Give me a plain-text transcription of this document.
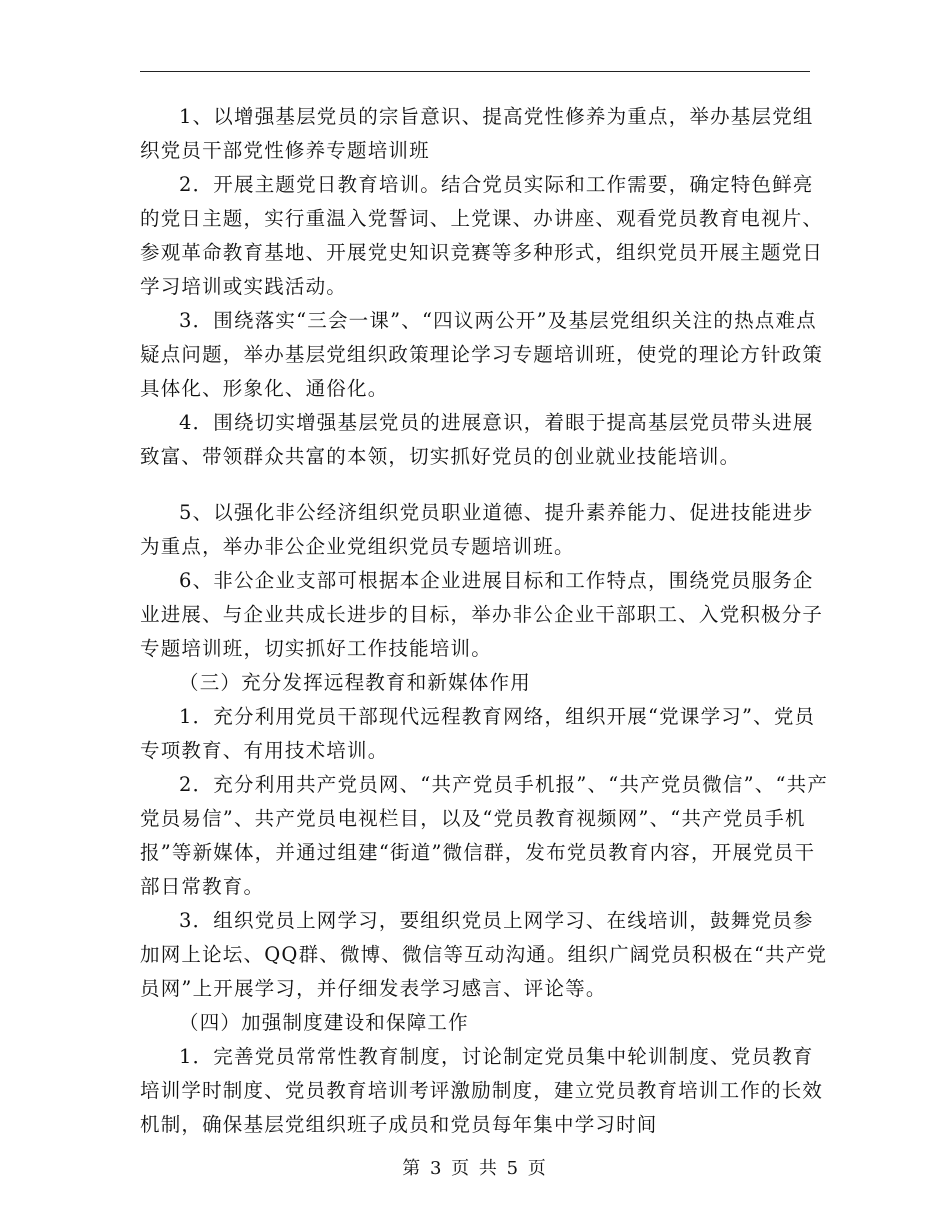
1、以增强基层党员的宗旨意识、提高党性修养为重点，举办基层党组织党员干部党性修养专题培训班

2．开展主题党日教育培训。结合党员实际和工作需要，确定特色鲜亮的党日主题，实行重温入党誓词、上党课、办讲座、观看党员教育电视片、参观革命教育基地、开展党史知识竞赛等多种形式，组织党员开展主题党日学习培训或实践活动。

3．围绕落实“三会一课”、“四议两公开”及基层党组织关注的热点难点疑点问题，举办基层党组织政策理论学习专题培训班，使党的理论方针政策具体化、形象化、通俗化。

4．围绕切实增强基层党员的进展意识，着眼于提高基层党员带头进展致富、带领群众共富的本领，切实抓好党员的创业就业技能培训。

5、以强化非公经济组织党员职业道德、提升素养能力、促进技能进步为重点，举办非公企业党组织党员专题培训班。

6、非公企业支部可根据本企业进展目标和工作特点，围绕党员服务企业进展、与企业共成长进步的目标，举办非公企业干部职工、入党积极分子专题培训班，切实抓好工作技能培训。

（三）充分发挥远程教育和新媒体作用

1．充分利用党员干部现代远程教育网络，组织开展“党课学习”、党员专项教育、有用技术培训。

2．充分利用共产党员网、“共产党员手机报”、“共产党员微信”、“共产党员易信”、共产党员电视栏目，以及“党员教育视频网”、“共产党员手机报”等新媒体，并通过组建“街道”微信群，发布党员教育内容，开展党员干部日常教育。

3．组织党员上网学习，要组织党员上网学习、在线培训，鼓舞党员参加网上论坛、QQ群、微博、微信等互动沟通。组织广阔党员积极在“共产党员网”上开展学习，并仔细发表学习感言、评论等。

（四）加强制度建设和保障工作

1．完善党员常常性教育制度，讨论制定党员集中轮训制度、党员教育培训学时制度、党员教育培训考评激励制度，建立党员教育培训工作的长效机制，确保基层党组织班子成员和党员每年集中学习时间

第 3 页 共 5 页
